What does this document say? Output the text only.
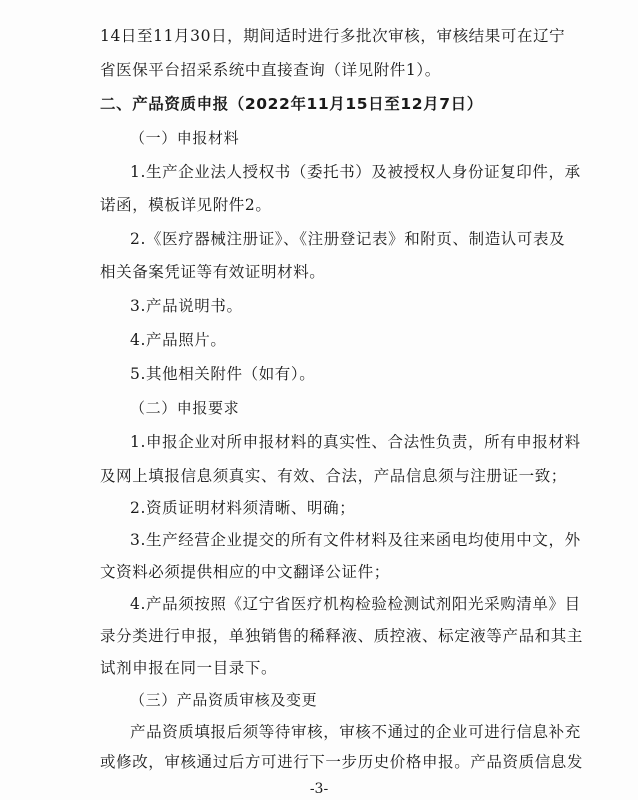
14日至11月30日，期间适时进行多批次审核，审核结果可在辽宁
省医保平台招采系统中直接查询（详见附件1）。
二、产品资质申报（2022年11月15日至12月7日）
（一）申报材料
1.生产企业法人授权书（委托书）及被授权人身份证复印件，承
诺函，模板详见附件2。
2.《医疗器械注册证》、《注册登记表》和附页、制造认可表及
相关备案凭证等有效证明材料。
3.产品说明书。
4.产品照片。
5.其他相关附件（如有）。
（二）申报要求
1.申报企业对所申报材料的真实性、合法性负责，所有申报材料
及网上填报信息须真实、有效、合法，产品信息须与注册证一致；
2.资质证明材料须清晰、明确；
3.生产经营企业提交的所有文件材料及往来函电均使用中文，外
文资料必须提供相应的中文翻译公证件；
4.产品须按照《辽宁省医疗机构检验检测试剂阳光采购清单》目
录分类进行申报，单独销售的稀释液、质控液、标定液等产品和其主
试剂申报在同一目录下。
（三）产品资质审核及变更
产品资质填报后须等待审核，审核不通过的企业可进行信息补充
或修改，审核通过后方可进行下一步历史价格申报。产品资质信息发
-3-
